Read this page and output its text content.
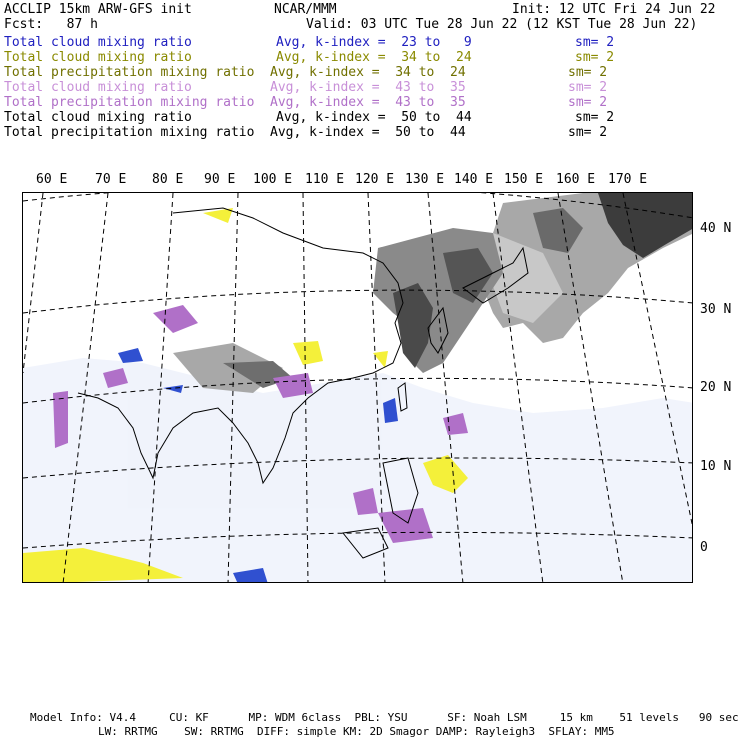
ACCLIP 15km ARW-GFS init	NCAR/MMM	Init: 12 UTC Fri 24 Jun 22
Fcst:   87 h	Valid: 03 UTC Tue 28 Jun 22 (12 KST Tue 28 Jun 22)
Total cloud mixing ratio	Avg, k-index =  23 to   9	sm= 2
Total cloud mixing ratio	Avg, k-index =  34 to  24	sm= 2
Total precipitation mixing ratio Avg, k-index =  34 to  24	sm= 2
Total cloud mixing ratio	Avg, k-index =  43 to  35	sm= 2
Total precipitation mixing ratio Avg, k-index =  43 to  35	sm= 2
Total cloud mixing ratio	Avg, k-index =  50 to  44	sm= 2
Total precipitation mixing ratio Avg, k-index =  50 to  44	sm= 2
60 E 70 E 80 E 90 E 100 E 110 E 120 E 130 E 140 E 150 E 160 E 170 E
40 N
30 N
20 N
10 N
0
Model Info: V4.4     CU: KF      MP: WDM 6class  PBL: YSU      SF: Noah LSM     15 km    51 levels   90 sec
LW: RRTMG    SW: RRTMG  DIFF: simple KM: 2D Smagor DAMP: Rayleigh3  SFLAY: MM5
